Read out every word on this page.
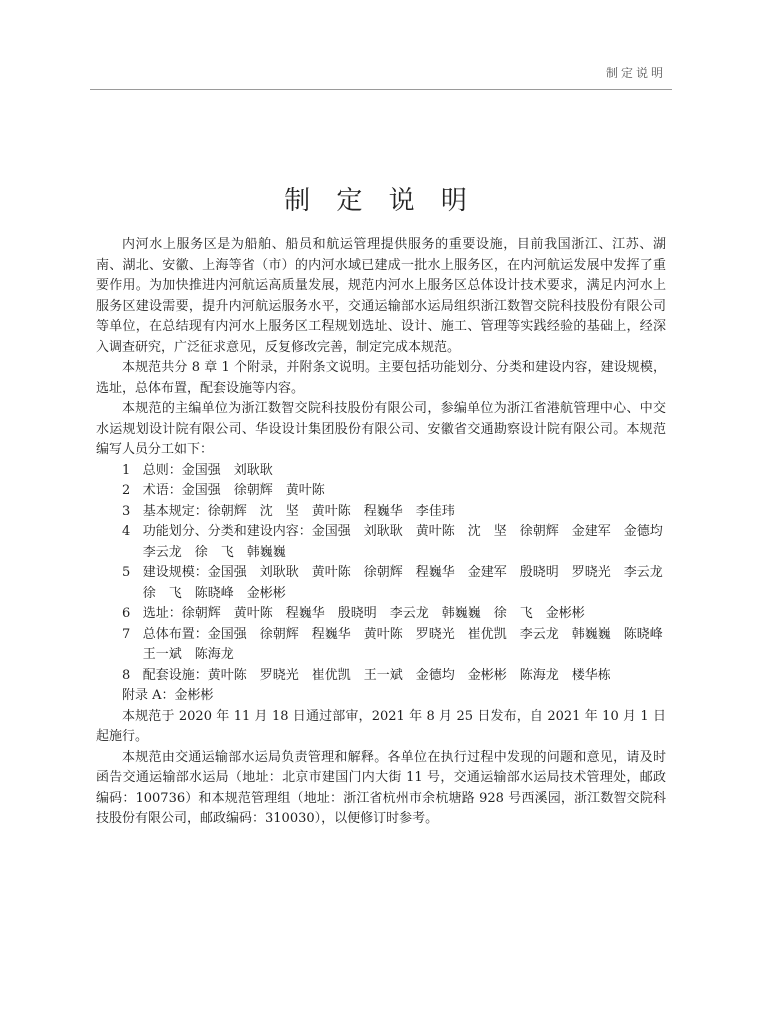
制定说明
制 定 说 明

内河水上服务区是为船舶、船员和航运管理提供服务的重要设施，目前我国浙江、江苏、湖南、湖北、安徽、上海等省（市）的内河水域已建成一批水上服务区，在内河航运发展中发挥了重要作用。为加快推进内河航运高质量发展，规范内河水上服务区总体设计技术要求，满足内河水上服务区建设需要，提升内河航运服务水平，交通运输部水运局组织浙江数智交院科技股份有限公司等单位，在总结现有内河水上服务区工程规划选址、设计、施工、管理等实践经验的基础上，经深入调查研究，广泛征求意见，反复修改完善，制定完成本规范。

本规范共分 8 章 1 个附录，并附条文说明。主要包括功能划分、分类和建设内容，建设规模，选址，总体布置，配套设施等内容。

本规范的主编单位为浙江数智交院科技股份有限公司，参编单位为浙江省港航管理中心、中交水运规划设计院有限公司、华设设计集团股份有限公司、安徽省交通勘察设计院有限公司。本规范编写人员分工如下：

1 总则：金国强　刘耿耿
2 术语：金国强　徐朝辉　黄叶陈
3 基本规定：徐朝辉　沈　坚　黄叶陈　程巍华　李佳玮
4 功能划分、分类和建设内容：金国强　刘耿耿　黄叶陈　沈　坚　徐朝辉　金建军　金德均　李云龙　徐　飞　韩巍巍
5 建设规模：金国强　刘耿耿　黄叶陈　徐朝辉　程巍华　金建军　殷晓明　罗晓光　李云龙　徐　飞　陈晓峰　金彬彬
6 选址：徐朝辉　黄叶陈　程巍华　殷晓明　李云龙　韩巍巍　徐　飞　金彬彬
7 总体布置：金国强　徐朝辉　程巍华　黄叶陈　罗晓光　崔优凯　李云龙　韩巍巍　陈晓峰　王一斌　陈海龙
8 配套设施：黄叶陈　罗晓光　崔优凯　王一斌　金德均　金彬彬　陈海龙　楼华栋

附录 A：金彬彬

本规范于 2020 年 11 月 18 日通过部审，2021 年 8 月 25 日发布，自 2021 年 10 月 1 日起施行。

本规范由交通运输部水运局负责管理和解释。各单位在执行过程中发现的问题和意见，请及时函告交通运输部水运局（地址：北京市建国门内大街 11 号，交通运输部水运局技术管理处，邮政编码：100736）和本规范管理组（地址：浙江省杭州市余杭塘路 928 号西溪园，浙江数智交院科技股份有限公司，邮政编码：310030），以便修订时参考。
